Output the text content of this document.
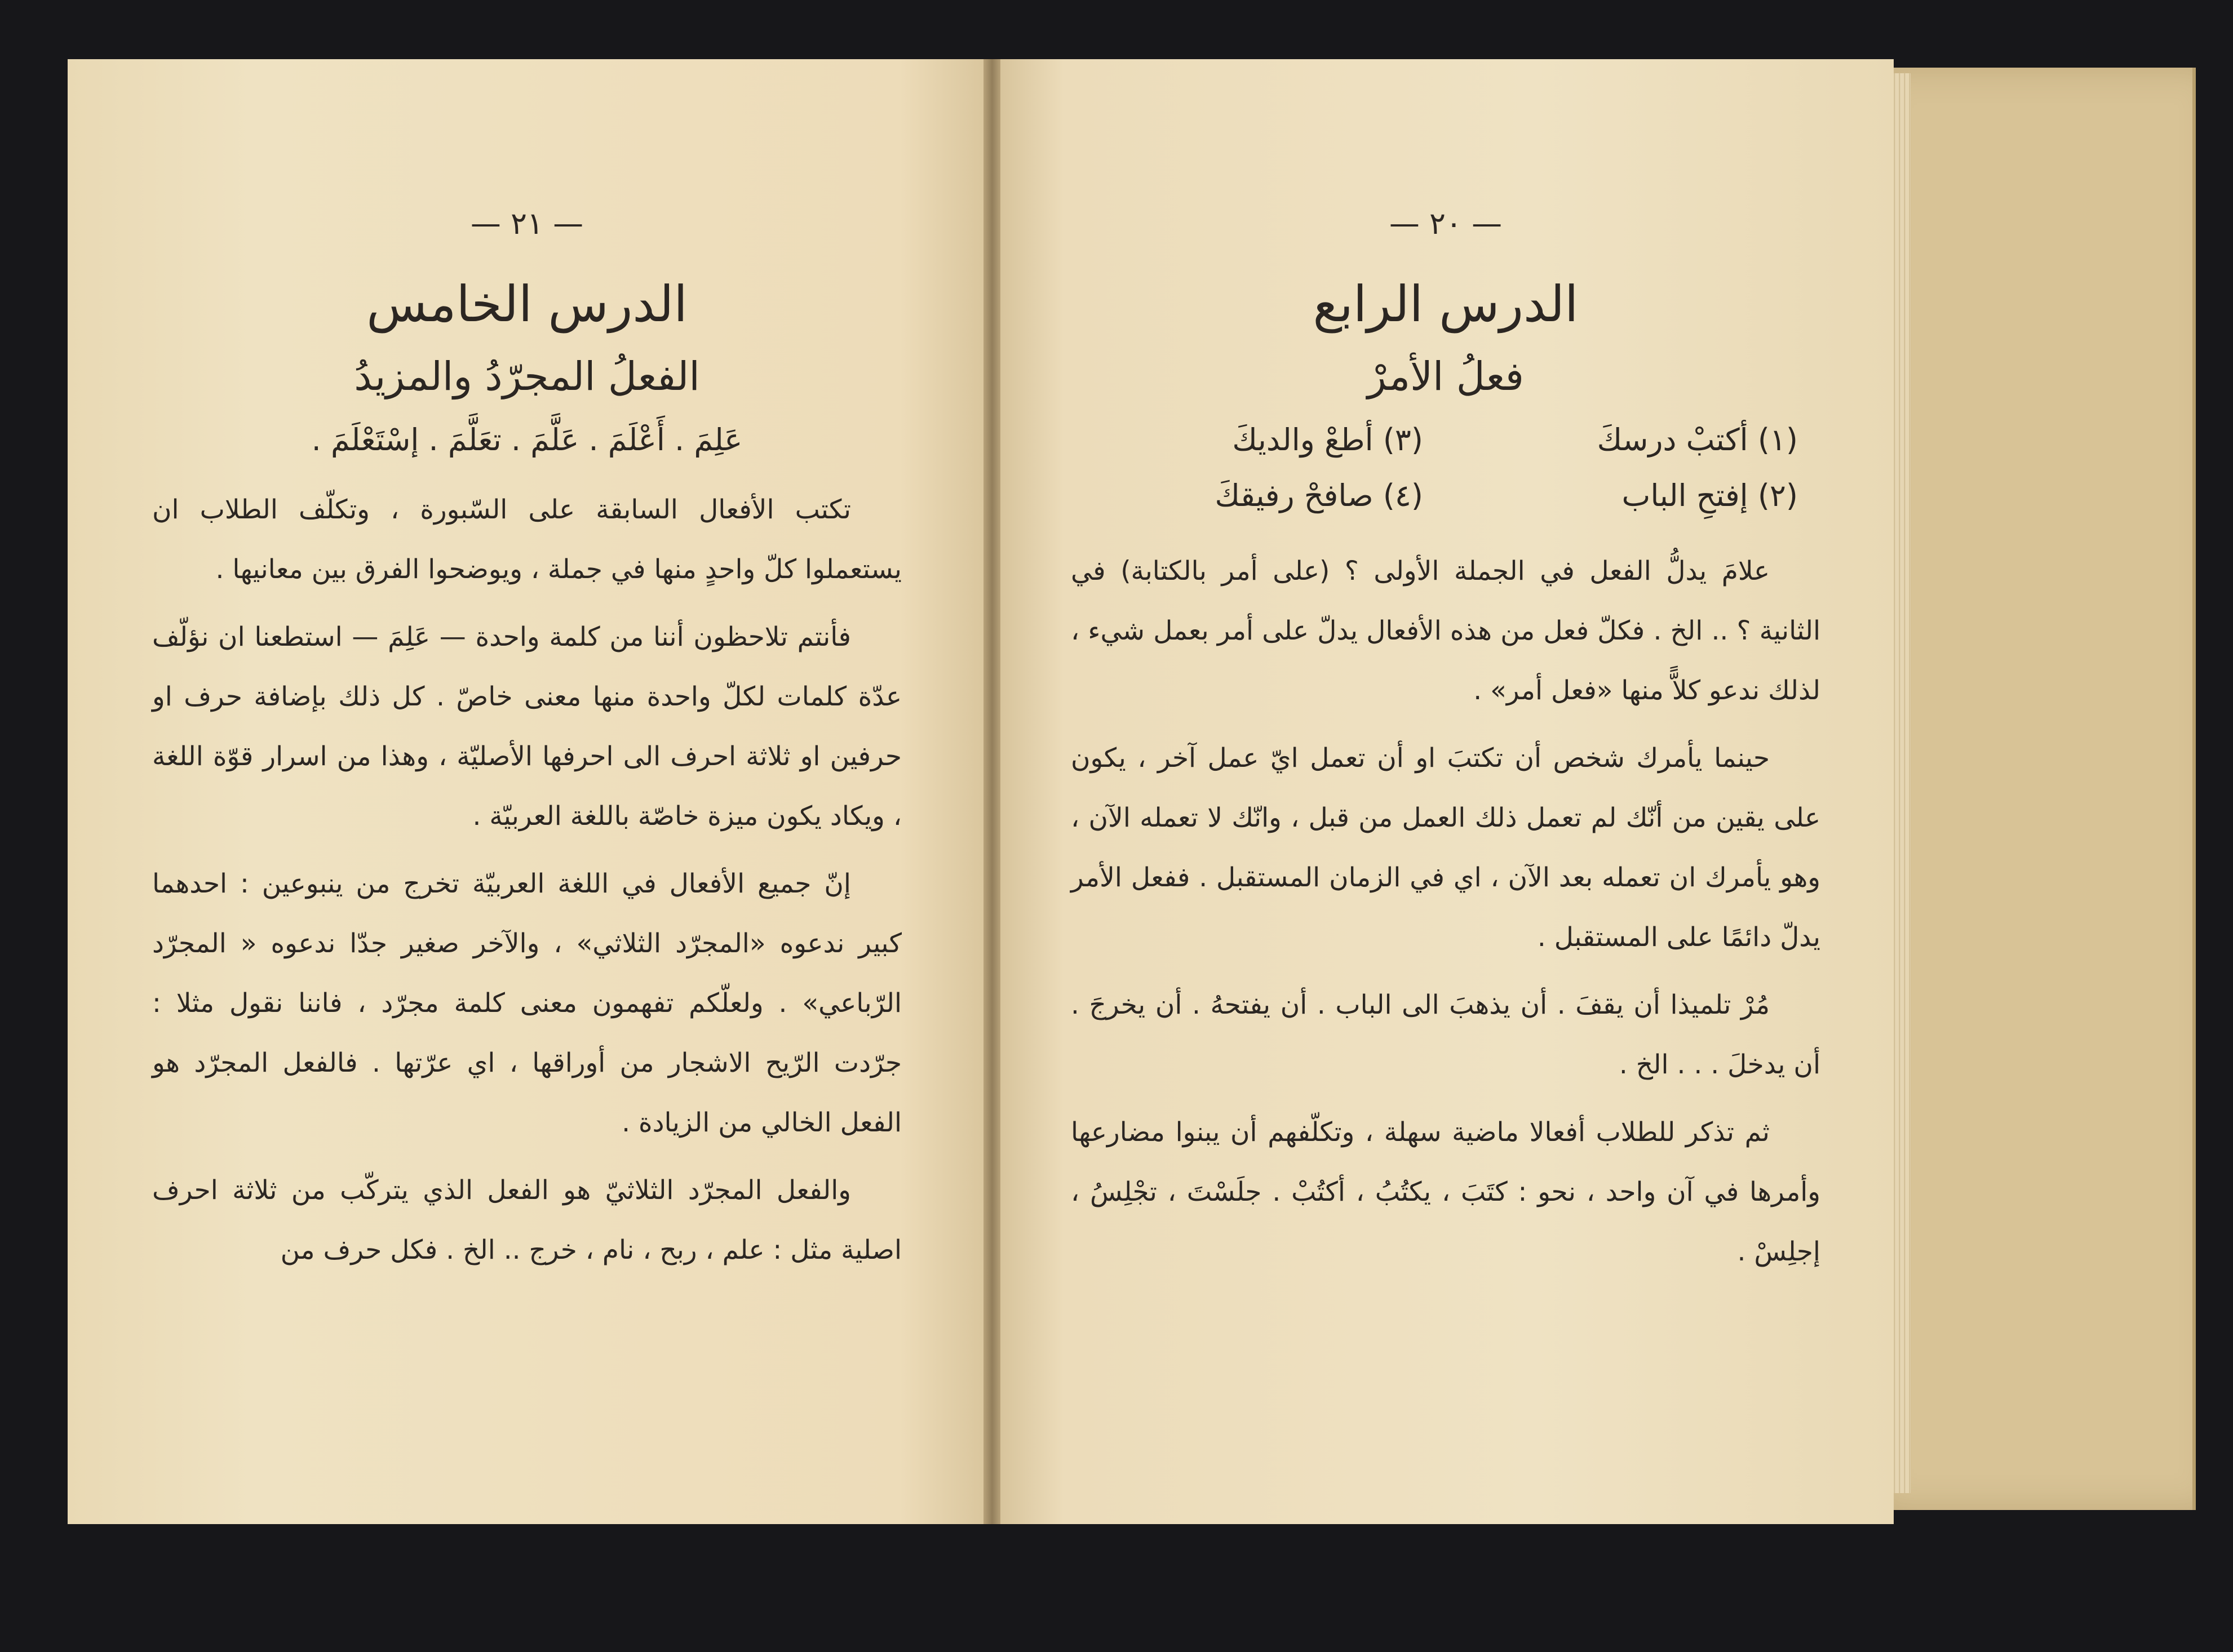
— ٢١ —
الدرس الخامس
الفعلُ المجرّدُ والمزيدُ
عَلِمَ . أَعْلَمَ . عَلَّمَ . تعَلَّمَ . إسْتَعْلَمَ .

تكتب الأفعال السابقة على السّبورة ، وتكلّف الطلاب ان يستعملوا كلّ واحدٍ منها في جملة ، ويوضحوا الفرق بين معانيها .

فأنتم تلاحظون أننا من كلمة واحدة — عَلِمَ — استطعنا ان نؤلّف عدّة كلمات لكلّ واحدة منها معنى خاصّ . كل ذلك بإضافة حرف او حرفين او ثلاثة احرف الى احرفها الأصليّة ، وهذا من اسرار قوّة اللغة ، ويكاد يكون ميزة خاصّة باللغة العربيّة .

إنّ جميع الأفعال في اللغة العربيّة تخرج من ينبوعين : احدهما كبير ندعوه «المجرّد الثلاثي» ، والآخر صغير جدّا ندعوه « المجرّد الرّباعي» . ولعلّكم تفهمون معنى كلمة مجرّد ، فاننا نقول مثلا : جرّدت الرّيح الاشجار من أوراقها ، اي عرّتها . فالفعل المجرّد هو الفعل الخالي من الزيادة .

والفعل المجرّد الثلاثيّ هو الفعل الذي يتركّب من ثلاثة احرف اصلية مثل : علم ، ربح ، نام ، خرج .. الخ . فكل حرف من

— ٢٠ —
الدرس الرابع
فعلُ الأمرْ
(١) أكتبْ درسكَ
(٣) أطعْ والديكَ
(٢) إفتحِ الباب
(٤) صافحْ رفيقكَ

علامَ يدلُّ الفعل في الجملة الأولى ؟ (على أمر بالكتابة) في الثانية ؟ .. الخ . فكلّ فعل من هذه الأفعال يدلّ على أمر بعمل شيء ، لذلك ندعو كلاًّ منها «فعل أمر» .

حينما يأمرك شخص أن تكتبَ او أن تعمل ايّ عمل آخر ، يكون على يقين من أنّك لم تعمل ذلك العمل من قبل ، وانّك لا تعمله الآن ، وهو يأمرك ان تعمله بعد الآن ، اي في الزمان المستقبل . ففعل الأمر يدلّ دائمًا على المستقبل .

مُرْ تلميذا أن يقفَ . أن يذهبَ الى الباب . أن يفتحهُ . أن يخرجَ . أن يدخلَ . . . الخ .

ثم تذكر للطلاب أفعالا ماضية سهلة ، وتكلّفهم أن يبنوا مضارعها وأمرها في آن واحد ، نحو : كتَبَ ، يكتُبُ ، أكتُبْ . جلَسْتَ ، تجْلِسُ ، إجلِسْ .
